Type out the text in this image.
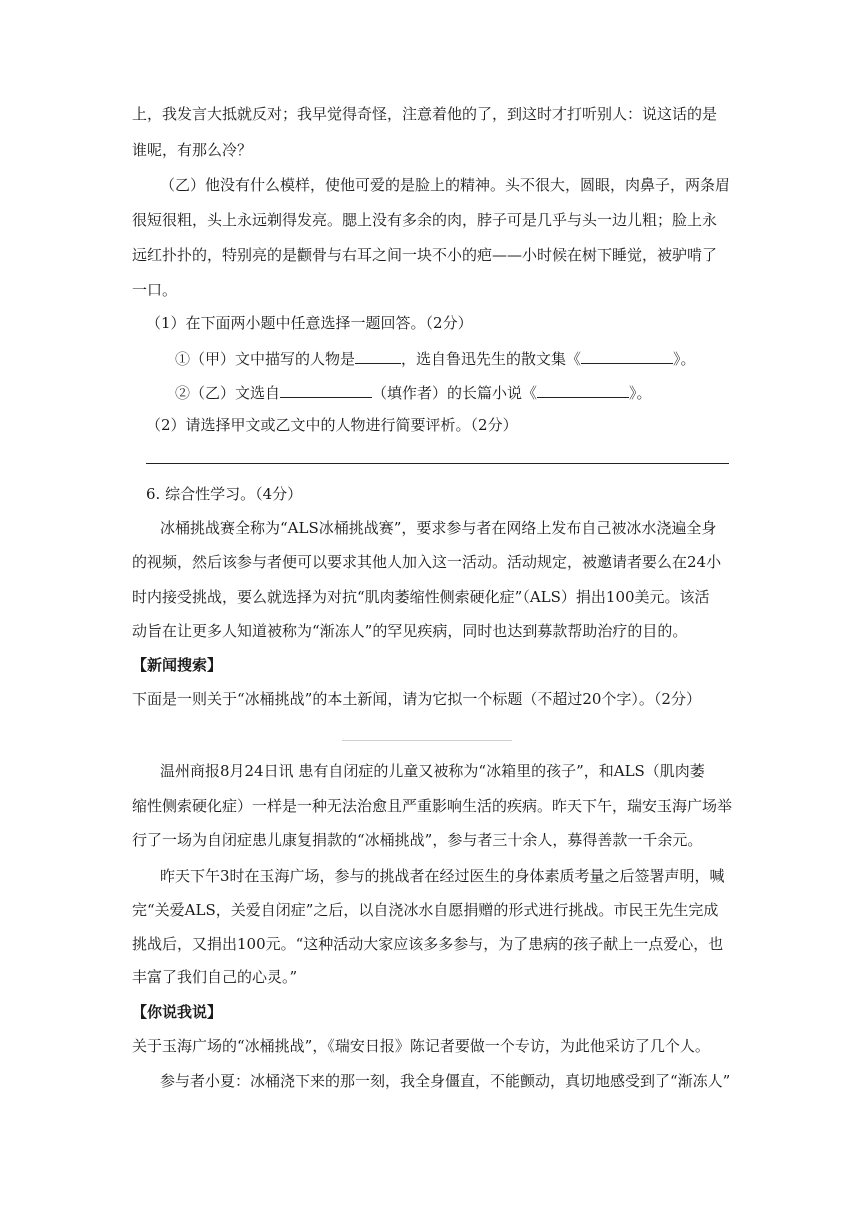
上，我发言大抵就反对；我早觉得奇怪，注意着他的了，到这时才打听别人：说这话的是
谁呢，有那么冷？
（乙）他没有什么模样，使他可爱的是脸上的精神。头不很大，圆眼，肉鼻子，两条眉
很短很粗，头上永远剃得发亮。腮上没有多余的肉，脖子可是几乎与头一边儿粗；脸上永
远红扑扑的，特别亮的是颧骨与右耳之间一块不小的疤——小时候在树下睡觉，被驴啃了
一口。
（1）在下面两小题中任意选择一题回答。（2分）
①（甲）文中描写的人物是	，选自鲁迅先生的散文集《	》。
②（乙）文选自	（填作者）的长篇小说《	》。
（2）请选择甲文或乙文中的人物进行简要评析。（2分）
6. 综合性学习。（4分）
冰桶挑战赛全称为“ALS冰桶挑战赛”，要求参与者在网络上发布自己被冰水浇遍全身
的视频，然后该参与者便可以要求其他人加入这一活动。活动规定，被邀请者要么在24小
时内接受挑战，要么就选择为对抗“肌肉萎缩性侧索硬化症”（ALS）捐出100美元。该活
动旨在让更多人知道被称为“渐冻人”的罕见疾病，同时也达到募款帮助治疗的目的。
【新闻搜索】
下面是一则关于“冰桶挑战”的本土新闻，请为它拟一个标题（不超过20个字）。（2分）
温州商报8月24日讯 患有自闭症的儿童又被称为“冰箱里的孩子”，和ALS（肌肉萎
缩性侧索硬化症）一样是一种无法治愈且严重影响生活的疾病。昨天下午，瑞安玉海广场举
行了一场为自闭症患儿康复捐款的“冰桶挑战”，参与者三十余人，募得善款一千余元。
昨天下午3时在玉海广场，参与的挑战者在经过医生的身体素质考量之后签署声明，喊
完“关爱ALS，关爱自闭症”之后，以自浇冰水自愿捐赠的形式进行挑战。市民王先生完成
挑战后，又捐出100元。“这种活动大家应该多多参与，为了患病的孩子献上一点爱心，也
丰富了我们自己的心灵。”
【你说我说】
关于玉海广场的“冰桶挑战”，《瑞安日报》陈记者要做一个专访，为此他采访了几个人。
参与者小夏：冰桶浇下来的那一刻，我全身僵直，不能颤动，真切地感受到了“渐冻人”
